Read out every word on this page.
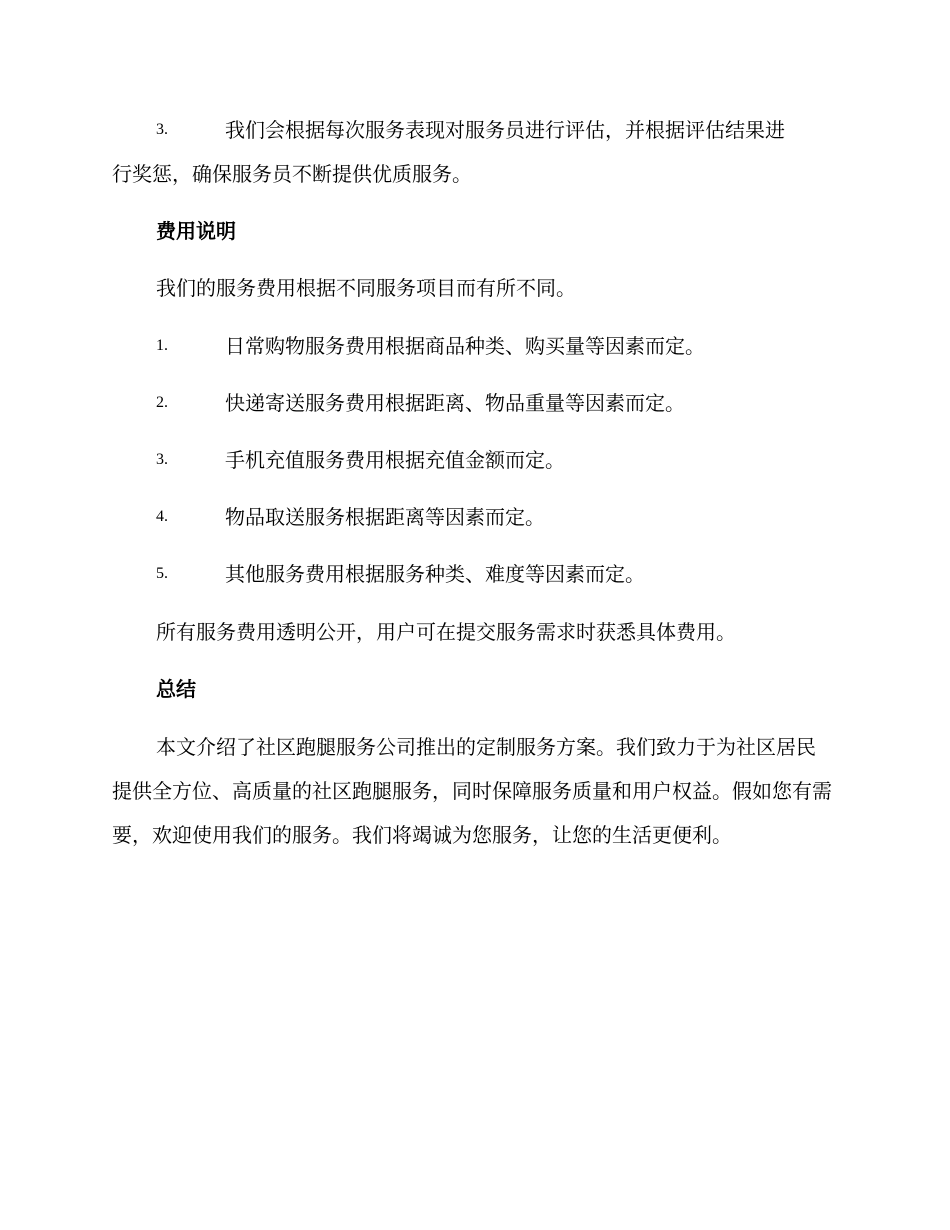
3.	我们会根据每次服务表现对服务员进行评估，并根据评估结果进
行奖惩，确保服务员不断提供优质服务。
费用说明
我们的服务费用根据不同服务项目而有所不同。
1.	日常购物服务费用根据商品种类、购买量等因素而定。
2.	快递寄送服务费用根据距离、物品重量等因素而定。
3.	手机充值服务费用根据充值金额而定。
4.	物品取送服务根据距离等因素而定。
5.	其他服务费用根据服务种类、难度等因素而定。
所有服务费用透明公开，用户可在提交服务需求时获悉具体费用。
总结
本文介绍了社区跑腿服务公司推出的定制服务方案。我们致力于为社区居民提供全方位、高质量的社区跑腿服务，同时保障服务质量和用户权益。假如您有需要，欢迎使用我们的服务。我们将竭诚为您服务，让您的生活更便利。
